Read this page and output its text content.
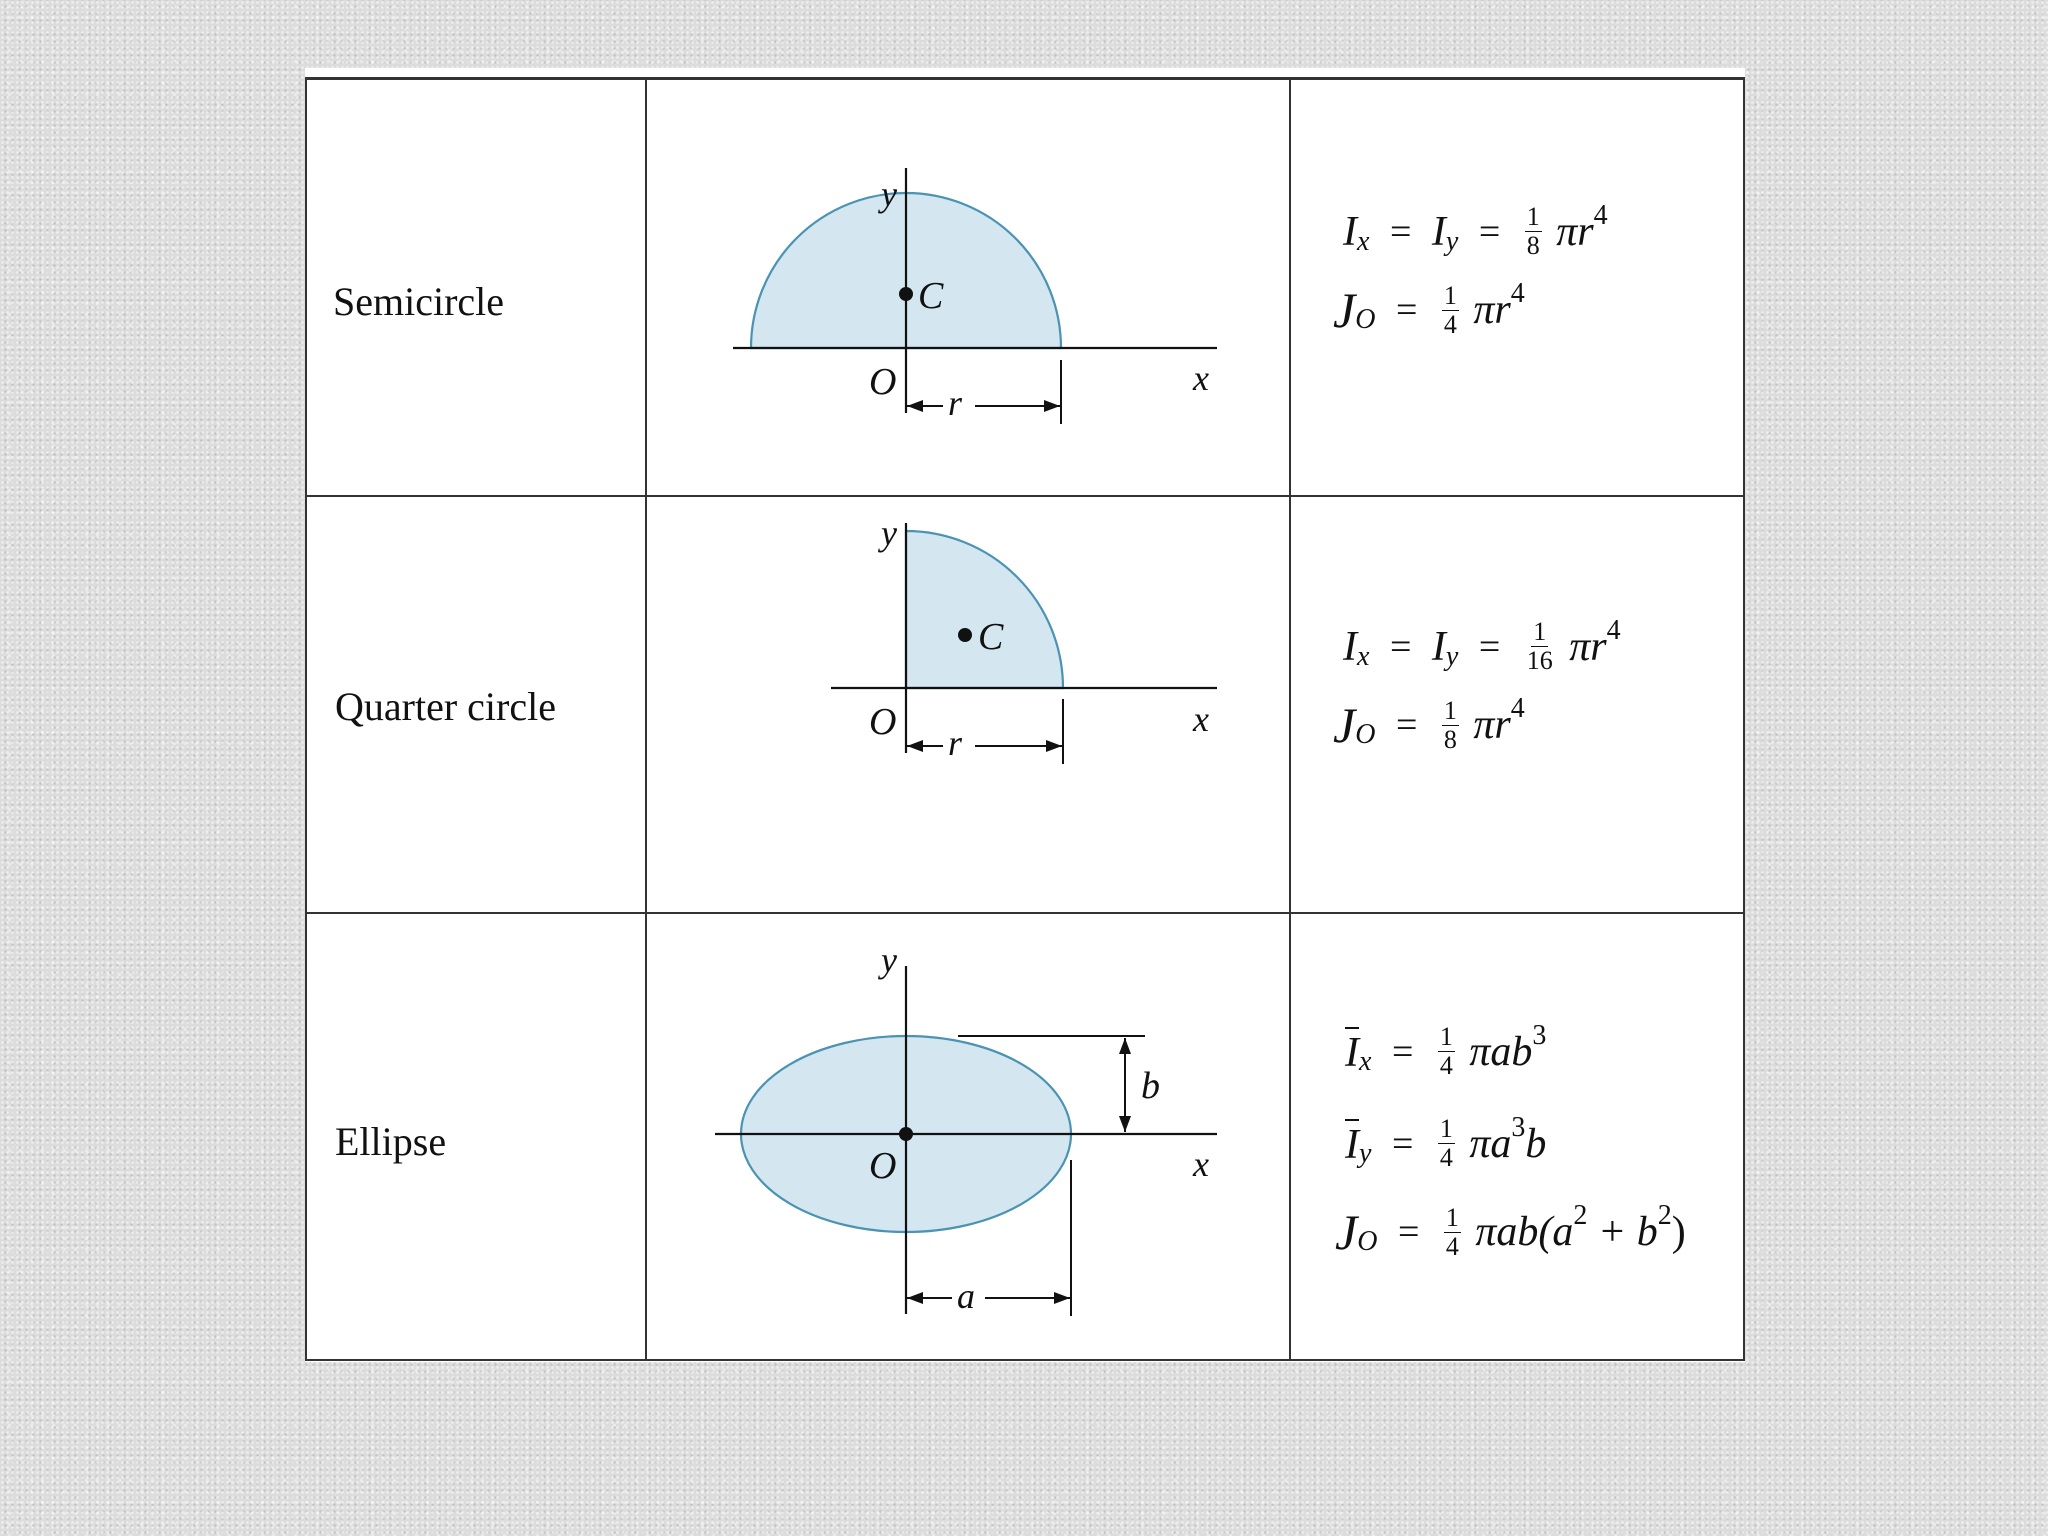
Semicircle	C
y
x
O r
$Ix = Iy = \frac{1}{8} \pi r4$
JO = $\frac{1}{4} \pi r4$
Quarter circle
C
y
x
O r
$Ix = Iy = \frac{1}{16} \pi r4$
JO = $\frac{1}{8} \pi r4$
Ellipse
y
x
O
b
a
$Ix = \frac{1}{4} \pi ab3$
$Iy = \frac{1}{4} \pi a3b$
JO = $\frac{1}{4} \pi ab(a2 + b2)$
